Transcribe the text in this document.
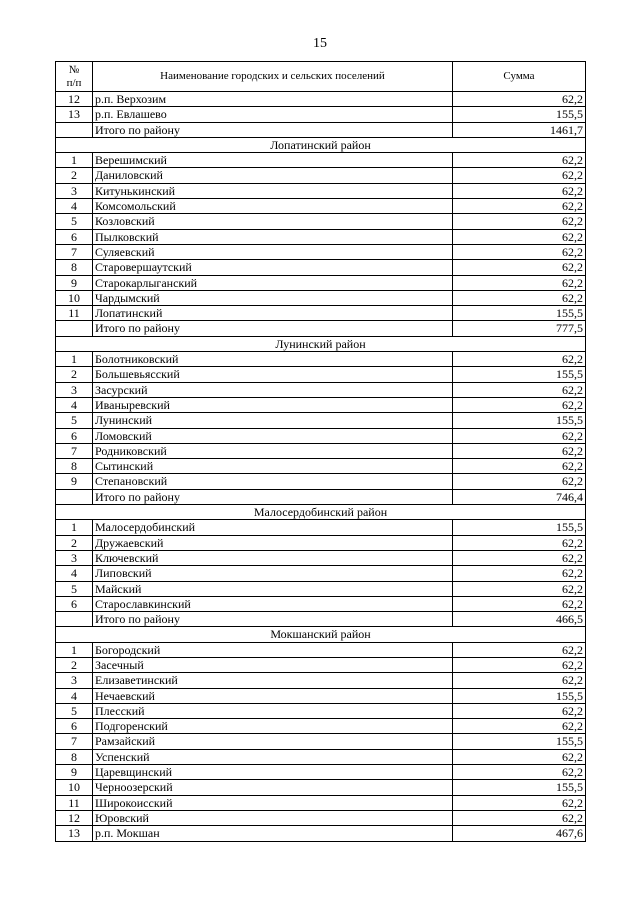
15
№
п/п	Наименование городских и сельских поселений	Сумма
12	р.п. Верхозим	62,2
13	р.п. Евлашево	155,5
	Итого по району	1461,7
Лопатинский район		
1	Верешимский	62,2
2	Даниловский	62,2
3	Китунькинский	62,2
4	Комсомольский	62,2
5	Козловский	62,2
6	Пылковский	62,2
7	Суляевский	62,2
8	Старовершаутский	62,2
9	Старокарлыганский	62,2
10	Чардымский	62,2
11	Лопатинский	155,5
	Итого по району	777,5
Лунинский район		
1	Болотниковский	62,2
2	Большевьясский	155,5
3	Засурский	62,2
4	Иваныревский	62,2
5	Лунинский	155,5
6	Ломовский	62,2
7	Родниковский	62,2
8	Сытинский	62,2
9	Степановский	62,2
	Итого по району	746,4
Малосердобинский район		
1	Малосердобинский	155,5
2	Дружаевский	62,2
3	Ключевский	62,2
4	Липовский	62,2
5	Майский	62,2
6	Старославкинский	62,2
	Итого по району	466,5
Мокшанский район		
1	Богородский	62,2
2	Засечный	62,2
3	Елизаветинский	62,2
4	Нечаевский	155,5
5	Плесский	62,2
6	Подгоренский	62,2
7	Рамзайский	155,5
8	Успенский	62,2
9	Царевщинский	62,2
10	Черноозерский	155,5
11	Широкоисский	62,2
12	Юровский	62,2
13	р.п. Мокшан	467,6
